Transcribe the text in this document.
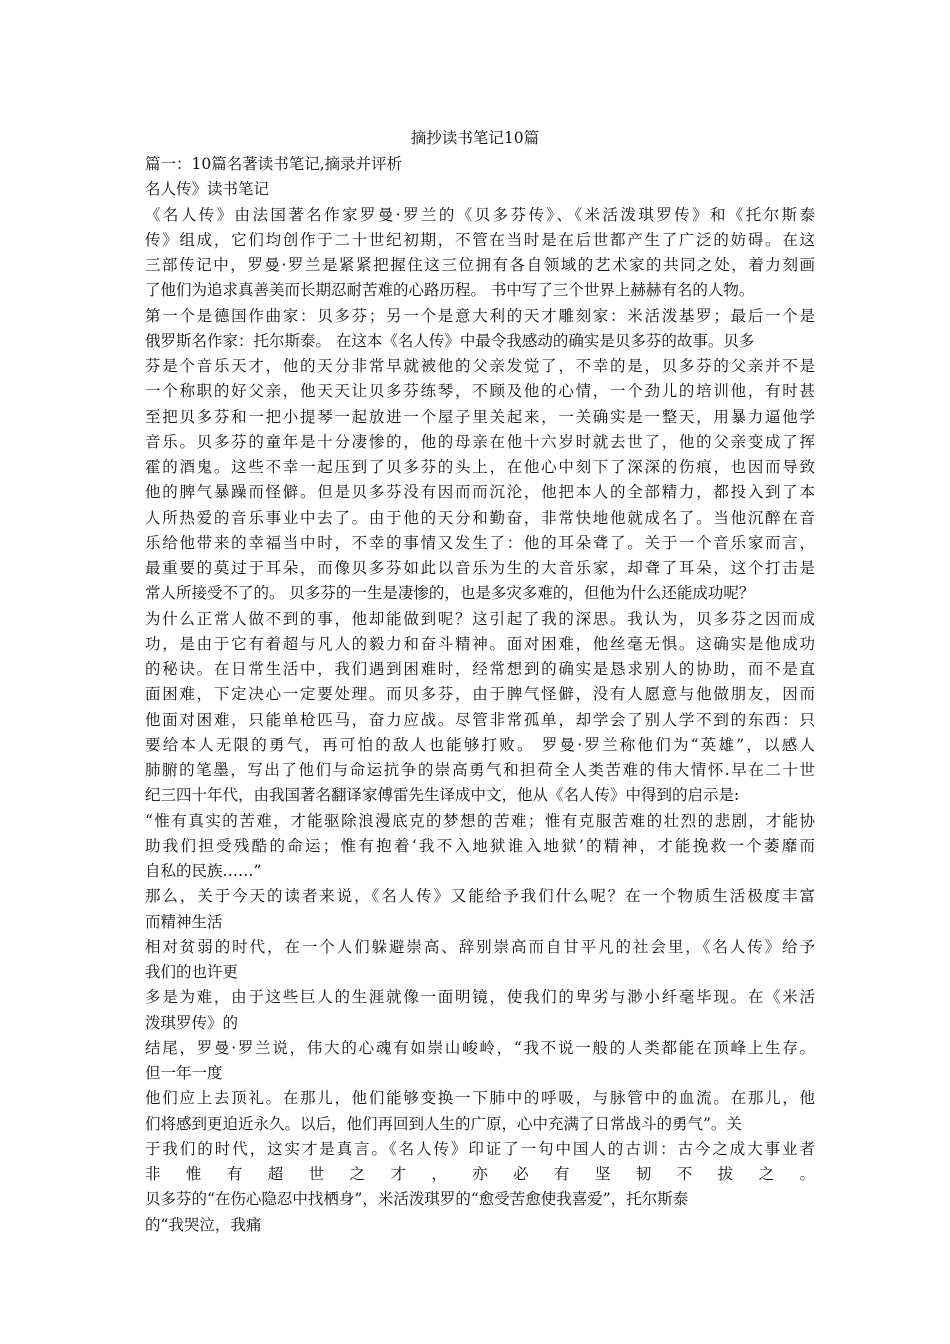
摘抄读书笔记10篇
篇一：10篇名著读书笔记,摘录并评析
名人传》读书笔记
《名人传》由法国著名作家罗曼·罗兰的《贝多芬传》、《米活泼琪罗传》和《托尔斯泰
传》组成，它们均创作于二十世纪初期，不管在当时是在后世都产生了广泛的妨碍。在这
三部传记中，罗曼·罗兰是紧紧把握住这三位拥有各自领域的艺术家的共同之处，着力刻画
了他们为追求真善美而长期忍耐苦难的心路历程。 书中写了三个世界上赫赫有名的人物。
第一个是德国作曲家：贝多芬；另一个是意大利的天才雕刻家：米活泼基罗；最后一个是
俄罗斯名作家：托尔斯泰。 在这本《名人传》中最令我感动的确实是贝多芬的故事。贝多
芬是个音乐天才，他的天分非常早就被他的父亲发觉了，不幸的是，贝多芬的父亲并不是
一个称职的好父亲，他天天让贝多芬练琴，不顾及他的心情，一个劲儿的培训他，有时甚
至把贝多芬和一把小提琴一起放进一个屋子里关起来，一关确实是一整天，用暴力逼他学
音乐。贝多芬的童年是十分凄惨的，他的母亲在他十六岁时就去世了，他的父亲变成了挥
霍的酒鬼。这些不幸一起压到了贝多芬的头上，在他心中刻下了深深的伤痕，也因而导致
他的脾气暴躁而怪僻。但是贝多芬没有因而而沉沦，他把本人的全部精力，都投入到了本
人所热爱的音乐事业中去了。由于他的天分和勤奋，非常快地他就成名了。当他沉醉在音
乐给他带来的幸福当中时，不幸的事情又发生了：他的耳朵聋了。关于一个音乐家而言，
最重要的莫过于耳朵，而像贝多芬如此以音乐为生的大音乐家，却聋了耳朵，这个打击是
常人所接受不了的。 贝多芬的一生是凄惨的，也是多灾多难的，但他为什么还能成功呢？
为什么正常人做不到的事，他却能做到呢？这引起了我的深思。我认为，贝多芬之因而成
功，是由于它有着超与凡人的毅力和奋斗精神。面对困难，他丝毫无惧。这确实是他成功
的秘诀。在日常生活中，我们遇到困难时，经常想到的确实是恳求别人的协助，而不是直
面困难，下定决心一定要处理。而贝多芬，由于脾气怪僻，没有人愿意与他做朋友，因而
他面对困难，只能单枪匹马，奋力应战。尽管非常孤单，却学会了别人学不到的东西：只
要给本人无限的勇气，再可怕的敌人也能够打败。 罗曼·罗兰称他们为“英雄”，以感人
肺腑的笔墨，写出了他们与命运抗争的崇高勇气和担荷全人类苦难的伟大情怀.早在二十世
纪三四十年代，由我国著名翻译家傅雷先生译成中文，他从《名人传》中得到的启示是:
“惟有真实的苦难，才能驱除浪漫底克的梦想的苦难；惟有克服苦难的壮烈的悲剧，才能协
助我们担受残酷的命运；惟有抱着‘我不入地狱谁入地狱’的精神，才能挽救一个萎靡而
自私的民族……”
那么，关于今天的读者来说，《名人传》又能给予我们什么呢？在一个物质生活极度丰富
而精神生活
相对贫弱的时代，在一个人们躲避崇高、辞别崇高而自甘平凡的社会里，《名人传》给予
我们的也许更
多是为难，由于这些巨人的生涯就像一面明镜，使我们的卑劣与渺小纤毫毕现。在《米活
泼琪罗传》的
结尾，罗曼·罗兰说，伟大的心魂有如崇山峻岭，“我不说一般的人类都能在顶峰上生存。
但一年一度
他们应上去顶礼。在那儿，他们能够变换一下肺中的呼吸，与脉管中的血流。在那儿，他
们将感到更迫近永久。以后，他们再回到人生的广原，心中充满了日常战斗的勇气”。关
于我们的时代，这实才是真言。《名人传》印证了一句中国人的古训：古今之成大事业者
非惟有超世之才，亦必有坚韧不拔之。
贝多芬的“在伤心隐忍中找栖身”，米活泼琪罗的“愈受苦愈使我喜爱”，托尔斯泰
的“我哭泣，我痛
